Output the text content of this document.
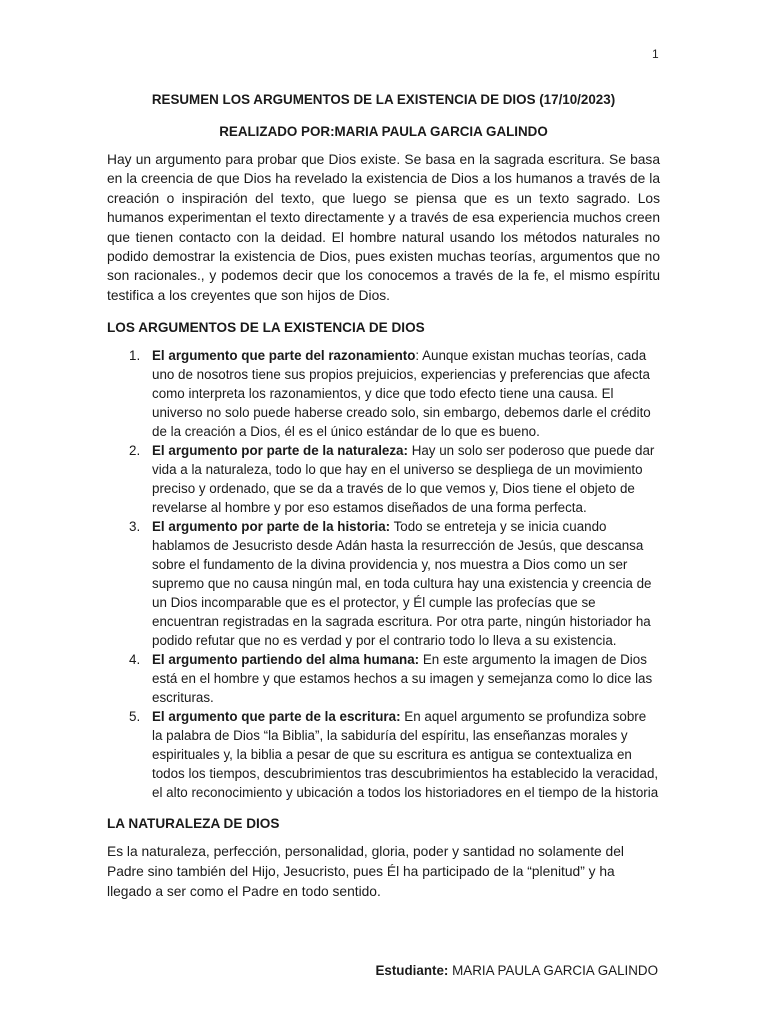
1
RESUMEN LOS ARGUMENTOS DE LA EXISTENCIA DE DIOS (17/10/2023)
REALIZADO POR:MARIA PAULA GARCIA GALINDO

Hay un argumento para probar que Dios existe. Se basa en la sagrada escritura. Se basa en la creencia de que Dios ha revelado la existencia de Dios a los humanos a través de la creación o inspiración del texto, que luego se piensa que es un texto sagrado. Los humanos experimentan el texto directamente y a través de esa experiencia muchos creen que tienen contacto con la deidad. El hombre natural usando los métodos naturales no podido demostrar la existencia de Dios, pues existen muchas teorías, argumentos que no son racionales., y podemos decir que los conocemos a través de la fe, el mismo espíritu testifica a los creyentes que son hijos de Dios.

LOS ARGUMENTOS DE LA EXISTENCIA DE DIOS
1. El argumento que parte del razonamiento: Aunque existan muchas teorías, cada uno de nosotros tiene sus propios prejuicios, experiencias y preferencias que afecta como interpreta los razonamientos, y dice que todo efecto tiene una causa. El universo no solo puede haberse creado solo, sin embargo, debemos darle el crédito de la creación a Dios, él es el único estándar de lo que es bueno.
2. El argumento por parte de la naturaleza: Hay un solo ser poderoso que puede dar vida a la naturaleza, todo lo que hay en el universo se despliega de un movimiento preciso y ordenado, que se da a través de lo que vemos y, Dios tiene el objeto de revelarse al hombre y por eso estamos diseñados de una forma perfecta.
3. El argumento por parte de la historia: Todo se entreteja y se inicia cuando hablamos de Jesucristo desde Adán hasta la resurrección de Jesús, que descansa sobre el fundamento de la divina providencia y, nos muestra a Dios como un ser supremo que no causa ningún mal, en toda cultura hay una existencia y creencia de un Dios incomparable que es el protector, y Él cumple las profecías que se encuentran registradas en la sagrada escritura. Por otra parte, ningún historiador ha podido refutar que no es verdad y por el contrario todo lo lleva a su existencia.
4. El argumento partiendo del alma humana: En este argumento la imagen de Dios está en el hombre y que estamos hechos a su imagen y semejanza como lo dice las escrituras.
5. El argumento que parte de la escritura: En aquel argumento se profundiza sobre la palabra de Dios “la Biblia”, la sabiduría del espíritu, las enseñanzas morales y espirituales y, la biblia a pesar de que su escritura es antigua se contextualiza en todos los tiempos, descubrimientos tras descubrimientos ha establecido la veracidad, el alto reconocimiento y ubicación a todos los historiadores en el tiempo de la historia
LA NATURALEZA DE DIOS

Es la naturaleza, perfección, personalidad, gloria, poder y santidad no solamente del Padre sino también del Hijo, Jesucristo, pues Él ha participado de la “plenitud” y ha llegado a ser como el Padre en todo sentido.

Estudiante: MARIA PAULA GARCIA GALINDO
